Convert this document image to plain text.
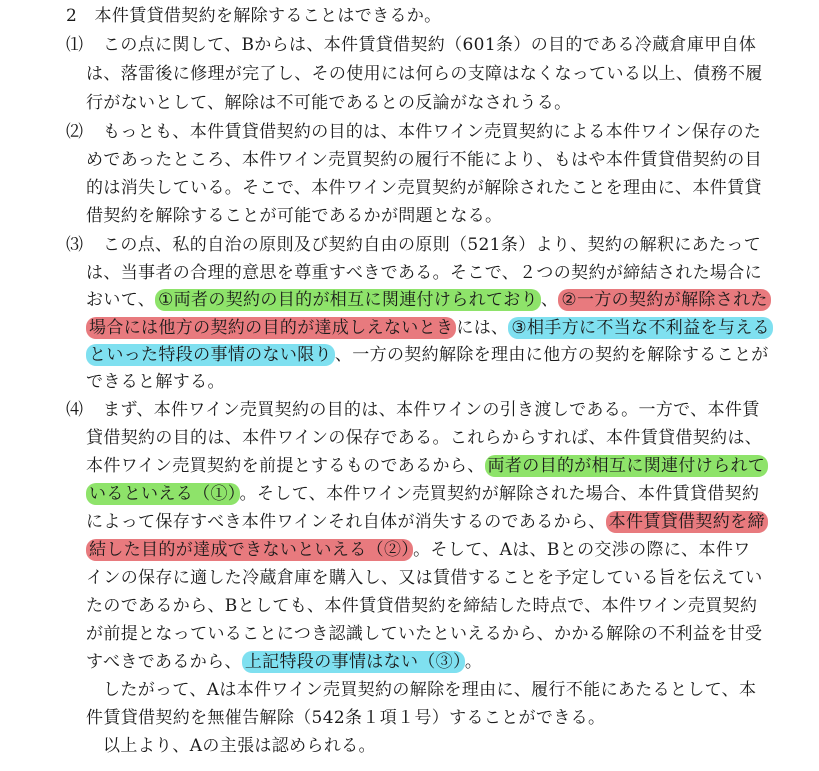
2　本件賃貸借契約を解除することはできるか。
⑴ この点に関して、Bからは、本件賃貸借契約（601条）の目的である冷蔵倉庫甲自体
は、落雷後に修理が完了し、その使用には何らの支障はなくなっている以上、債務不履
行がないとして、解除は不可能であるとの反論がなされうる。
⑵ もっとも、本件賃貸借契約の目的は、本件ワイン売買契約による本件ワイン保存のた
めであったところ、本件ワイン売買契約の履行不能により、もはや本件賃貸借契約の目
的は消失している。そこで、本件ワイン売買契約が解除されたことを理由に、本件賃貸
借契約を解除することが可能であるかが問題となる。
⑶ この点、私的自治の原則及び契約自由の原則（521条）より、契約の解釈にあたって
は、当事者の合理的意思を尊重すべきである。そこで、２つの契約が締結された場合に
おいて、 ①両者の契約の目的が相互に関連付けられており 、 ②一方の契約が解除された
場合には他方の契約の目的が達成しえないとき には、 ③相手方に不当な不利益を与える
といった特段の事情のない限り 、一方の契約解除を理由に他方の契約を解除することが
できると解する。
⑷ まず、本件ワイン売買契約の目的は、本件ワインの引き渡しである。一方で、本件賃
貸借契約の目的は、本件ワインの保存である。これらからすれば、本件賃貸借契約は、
本件ワイン売買契約を前提とするものであるから、 両者の目的が相互に関連付けられて
いるといえる（①） 。そして、本件ワイン売買契約が解除された場合、本件賃貸借契約
によって保存すべき本件ワインそれ自体が消失するのであるから、 本件賃貸借契約を締
結した目的が達成できないといえる（②） 。そして、Aは、Bとの交渉の際に、本件ワ
インの保存に適した冷蔵倉庫を購入し、又は賃借することを予定している旨を伝えてい
たのであるから、Bとしても、本件賃貸借契約を締結した時点で、本件ワイン売買契約
が前提となっていることにつき認識していたといえるから、かかる解除の不利益を甘受
すべきであるから、 上記特段の事情はない（③） 。
したがって、Aは本件ワイン売買契約の解除を理由に、履行不能にあたるとして、本
件賃貸借契約を無催告解除（542条１項１号）することができる。
以上より、Aの主張は認められる。
